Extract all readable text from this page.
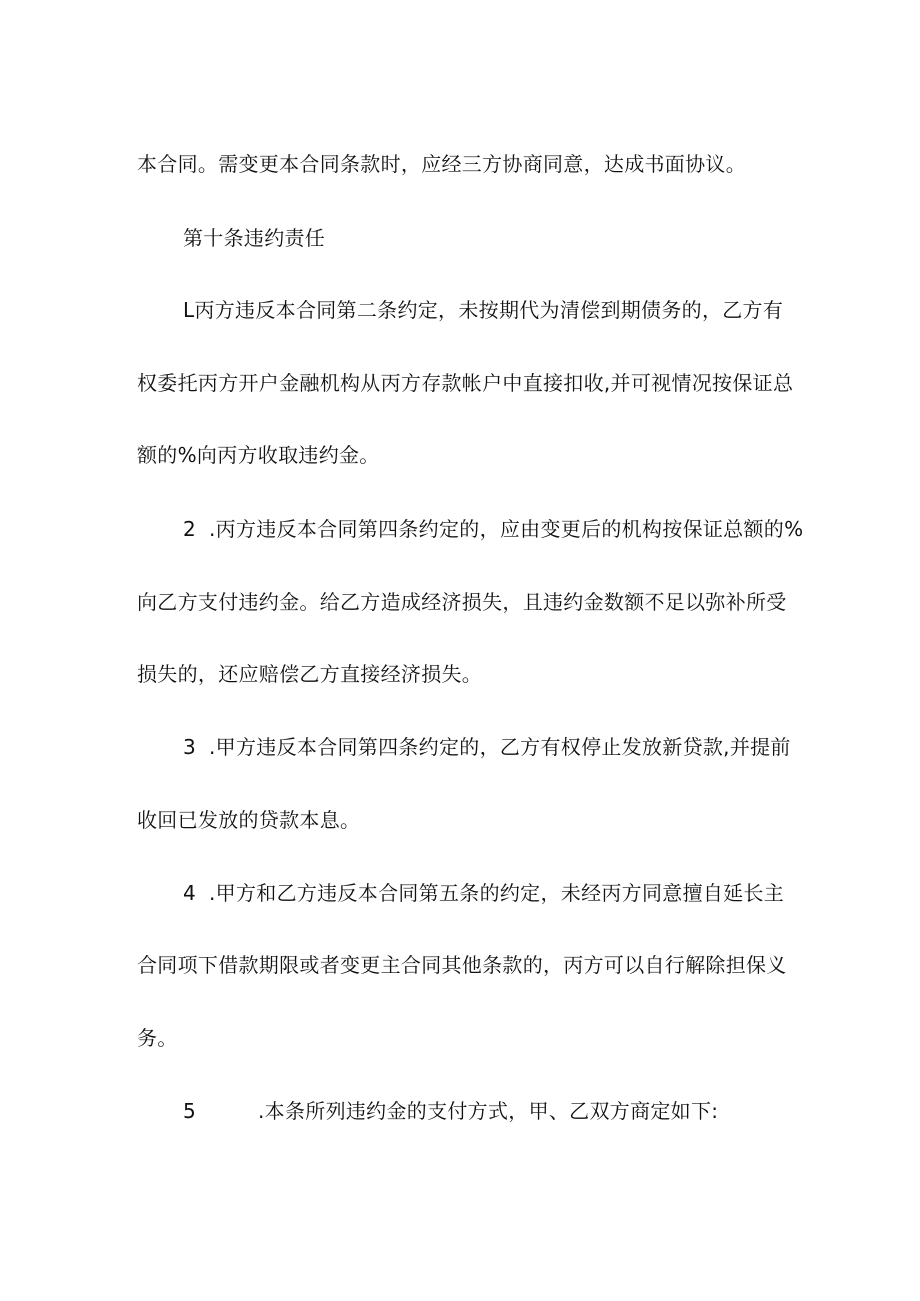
本合同。需变更本合同条款时，应经三方协商同意，达成书面协议。
第十条违约责任
L丙方违反本合同第二条约定，未按期代为清偿到期债务的，乙方有
权委托丙方开户金融机构从丙方存款帐户中直接扣收,并可视情况按保证总
额的%向丙方收取违约金。
2 .丙方违反本合同第四条约定的，应由变更后的机构按保证总额的%
向乙方支付违约金。给乙方造成经济损失，且违约金数额不足以弥补所受
损失的，还应赔偿乙方直接经济损失。
3 .甲方违反本合同第四条约定的，乙方有权停止发放新贷款,并提前
收回已发放的贷款本息。
4 .甲方和乙方违反本合同第五条的约定，未经丙方同意擅自延长主
合同项下借款期限或者变更主合同其他条款的，丙方可以自行解除担保义
务。
5	.本条所列违约金的支付方式，甲、乙双方商定如下:
